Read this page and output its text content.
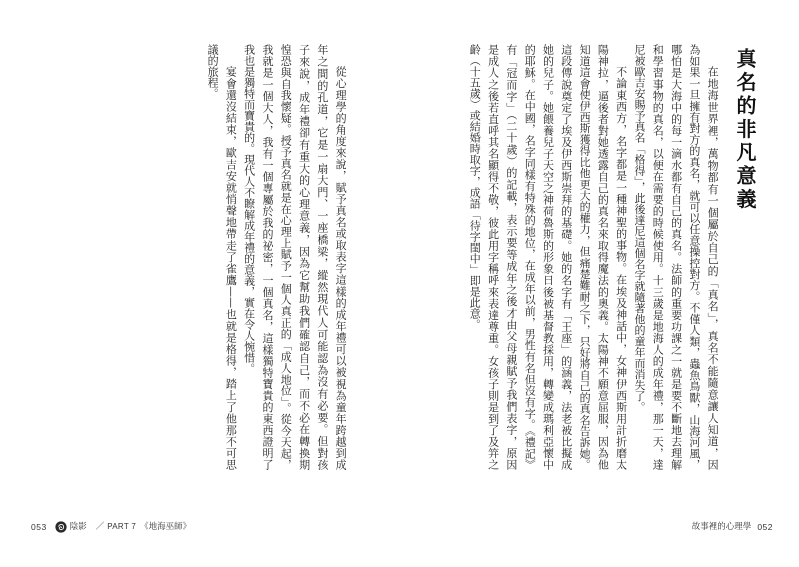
從心理學的角度來說，賦予真名或取表字這樣的成年禮可以被視為童年跨越到成
年之間的孔道，它是一扇大門、一座橋梁，縱然現代人可能認為沒有必要。但對孩
子來說，成年禮卻有重大的心理意義，因為它幫助我們確認自己，而不必在轉換期
惶恐與自我懷疑。授予真名就是在心理上賦予一個人真正的「成人地位」。從今天起，
我就是一個大人，我有一個專屬於我的祕密，一個真名，這樣獨特寶貴的東西證明了
我也是獨特而寶貴的。現代人不瞭解成年禮的意義，實在令人惋惜。
宴會還沒結束，歐吉安就悄聲地帶走了雀鷹——也就是格得，踏上了他那不可思
議的旅程。
053	陰影 ／ PART 7 《地海巫師》
真名的非凡意義
在地海世界裡，萬物都有一個屬於自己的「真名」，真名不能隨意讓人知道，因
為如果一旦擁有對方的真名，就可以任意操控對方。不僅人類，蟲魚鳥獸，山海河風，
哪怕是大海中的每一滴水都有自己的真名。法師的重要功課之一就是要不斷地去理解
和學習事物的真名，以便在需要的時候使用。十三歲是地海人的成年禮，那一天，達
尼被歐吉安賜予真名「格得」，此後達尼這個名字就隨著他的童年而消失了。
不論東西方，名字都是一種神聖的事物。在埃及神話中，女神伊西斯用計折磨太
陽神拉，逼後者對她透露自己的真名來取得魔法的奧義。太陽神不願意屈服，因為他
知道這會使伊西斯獲得比他更大的權力，但痛楚難耐之下，只好將自己的真名告訴她。
這段傳說奠定了埃及伊西斯崇拜的基礎。她的名字有「王座」的涵義，法老被比擬成
她的兒子。她餵養兒子天空之神荷魯斯的形象日後被基督教採用，轉變成瑪利亞懷中
的耶穌。在中國，名字同樣有特殊的地位，在成年以前，男性有名但沒有字。《禮記》
有「冠而字」（二十歲）的記載，表示要等成年之後才由父母親賦予我們表字，原因
是成人之後若直呼其名顯得不敬，彼此用字稱呼來表達尊重。女孩子則是到了及笄之
齡（十五歲）或結婚時取字，成語「待字閨中」即是此意。
故事裡的心理學 052
